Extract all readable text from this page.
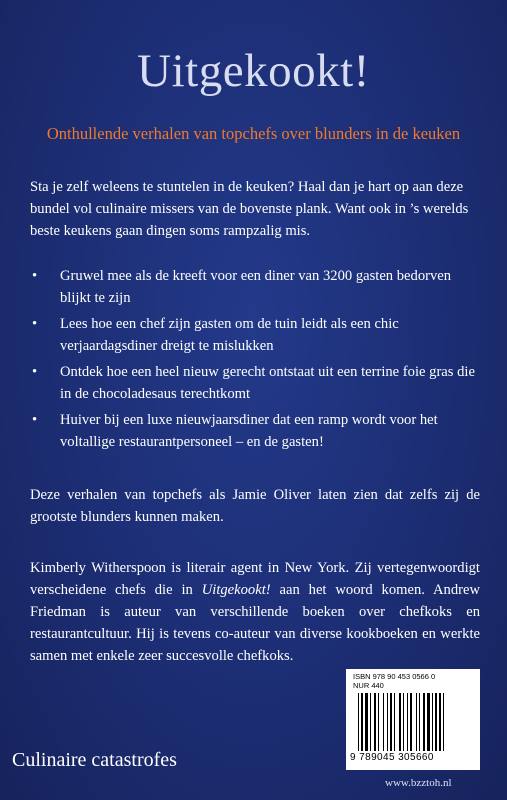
Uitgekookt!
Onthullende verhalen van topchefs over blunders in de keuken
Sta je zelf weleens te stuntelen in de keuken? Haal dan je hart op aan deze bundel vol culinaire missers van de bovenste plank. Want ook in ’s werelds beste keukens gaan dingen soms rampzalig mis.
• Gruwel mee als de kreeft voor een diner van 3200 gasten bedorven blijkt te zijn
• Lees hoe een chef zijn gasten om de tuin leidt als een chic verjaardagsdiner dreigt te mislukken
• Ontdek hoe een heel nieuw gerecht ontstaat uit een terrine foie gras die in de chocoladesaus terechtkomt
• Huiver bij een luxe nieuwjaarsdiner dat een ramp wordt voor het voltallige restaurantpersoneel – en de gasten!
Deze verhalen van topchefs als Jamie Oliver laten zien dat zelfs zij de grootste blunders kunnen maken.
Kimberly Witherspoon is literair agent in New York. Zij vertegenwoordigt verscheidene chefs die in Uitgekookt! aan het woord komen. Andrew Friedman is auteur van verschillende boeken over chefkoks en restaurantcultuur. Hij is tevens co-auteur van diverse kookboeken en werkte samen met enkele zeer succesvolle chefkoks.
ISBN 978 90 453 0566 0
NUR 440
9 789045 305660
Culinaire catastrofes
www.bzztoh.nl
